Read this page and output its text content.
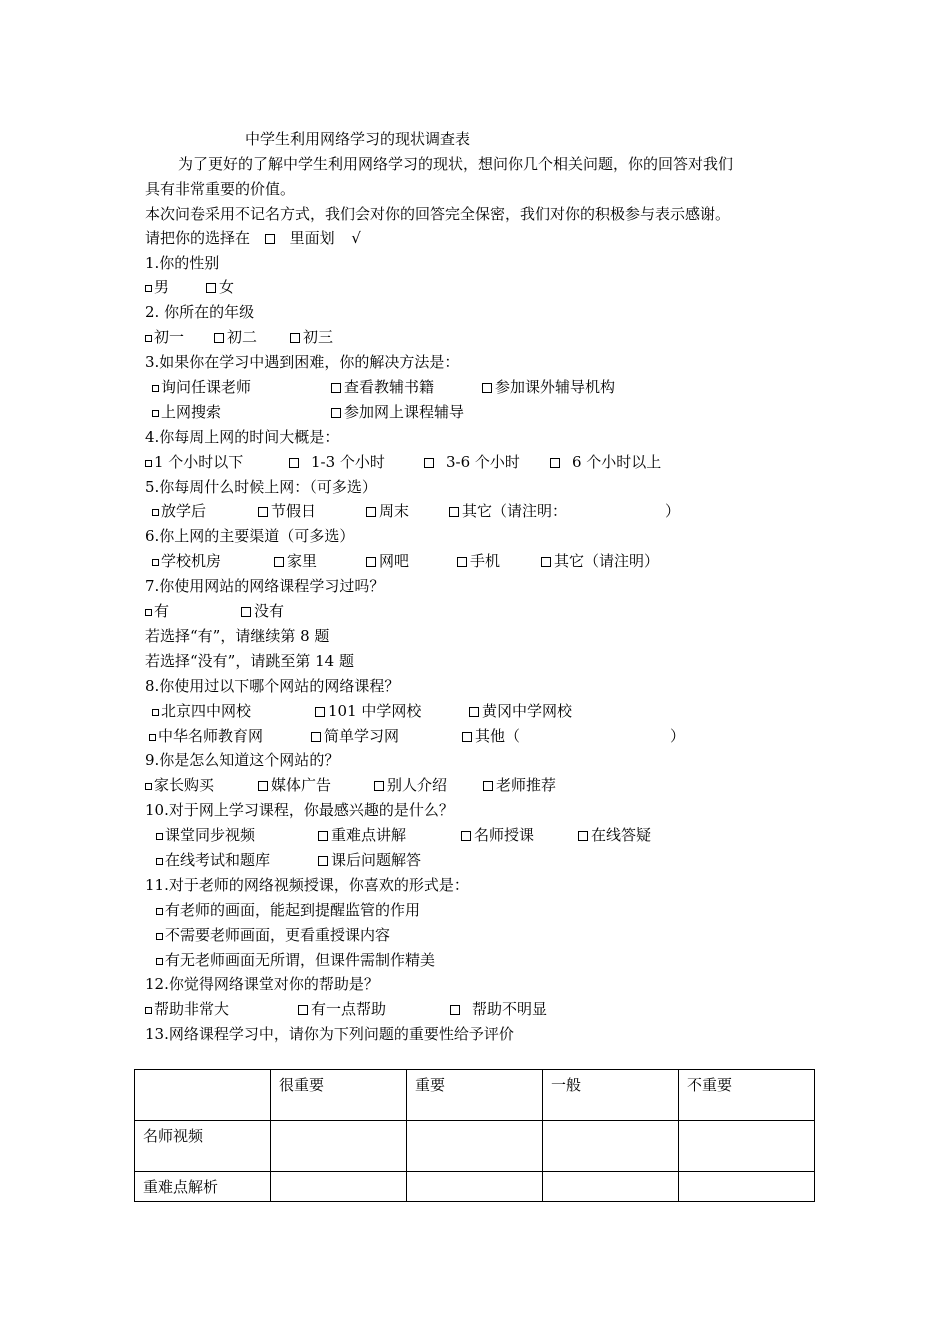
中学生利用网络学习的现状调查表
为了更好的了解中学生利用网络学习的现状，想问你几个相关问题，你的回答对我们
具有非常重要的价值。
本次问卷采用不记名方式，我们会对你的回答完全保密，我们对你的积极参与表示感谢。
请把你的选择在	里面划 √
1.你的性别
男	女
2. 你所在的年级
初一	初二	初三
3.如果你在学习中遇到困难，你的解决方法是：
询问任课老师	查看教辅书籍	参加课外辅导机构
上网搜索	参加网上课程辅导
4.你每周上网的时间大概是：
1 个小时以下	1-3 个小时	3-6 个小时	6 个小时以上
5.你每周什么时候上网：（可多选）
放学后	节假日	周末	其它（请注明：	）
6.你上网的主要渠道（可多选）
学校机房	家里	网吧	手机	其它（请注明）
7.你使用网站的网络课程学习过吗？
有	没有
若选择“有”，请继续第 8 题
若选择“没有”，请跳至第 14 题
8.你使用过以下哪个网站的网络课程？
北京四中网校	101 中学网校	黄冈中学网校
中华名师教育网	简单学习网	其他（	）
9.你是怎么知道这个网站的？
家长购买	媒体广告	别人介绍	老师推荐
10.对于网上学习课程，你最感兴趣的是什么？
课堂同步视频	重难点讲解	名师授课	在线答疑
在线考试和题库	课后问题解答
11.对于老师的网络视频授课，你喜欢的形式是：
有老师的画面，能起到提醒监管的作用
不需要老师画面，更看重授课内容
有无老师画面无所谓，但课件需制作精美
12.你觉得网络课堂对你的帮助是？
帮助非常大	有一点帮助	帮助不明显
13.网络课程学习中，请你为下列问题的重要性给予评价
	很重要	重要	一般	不重要
名师视频				
重难点解析				
